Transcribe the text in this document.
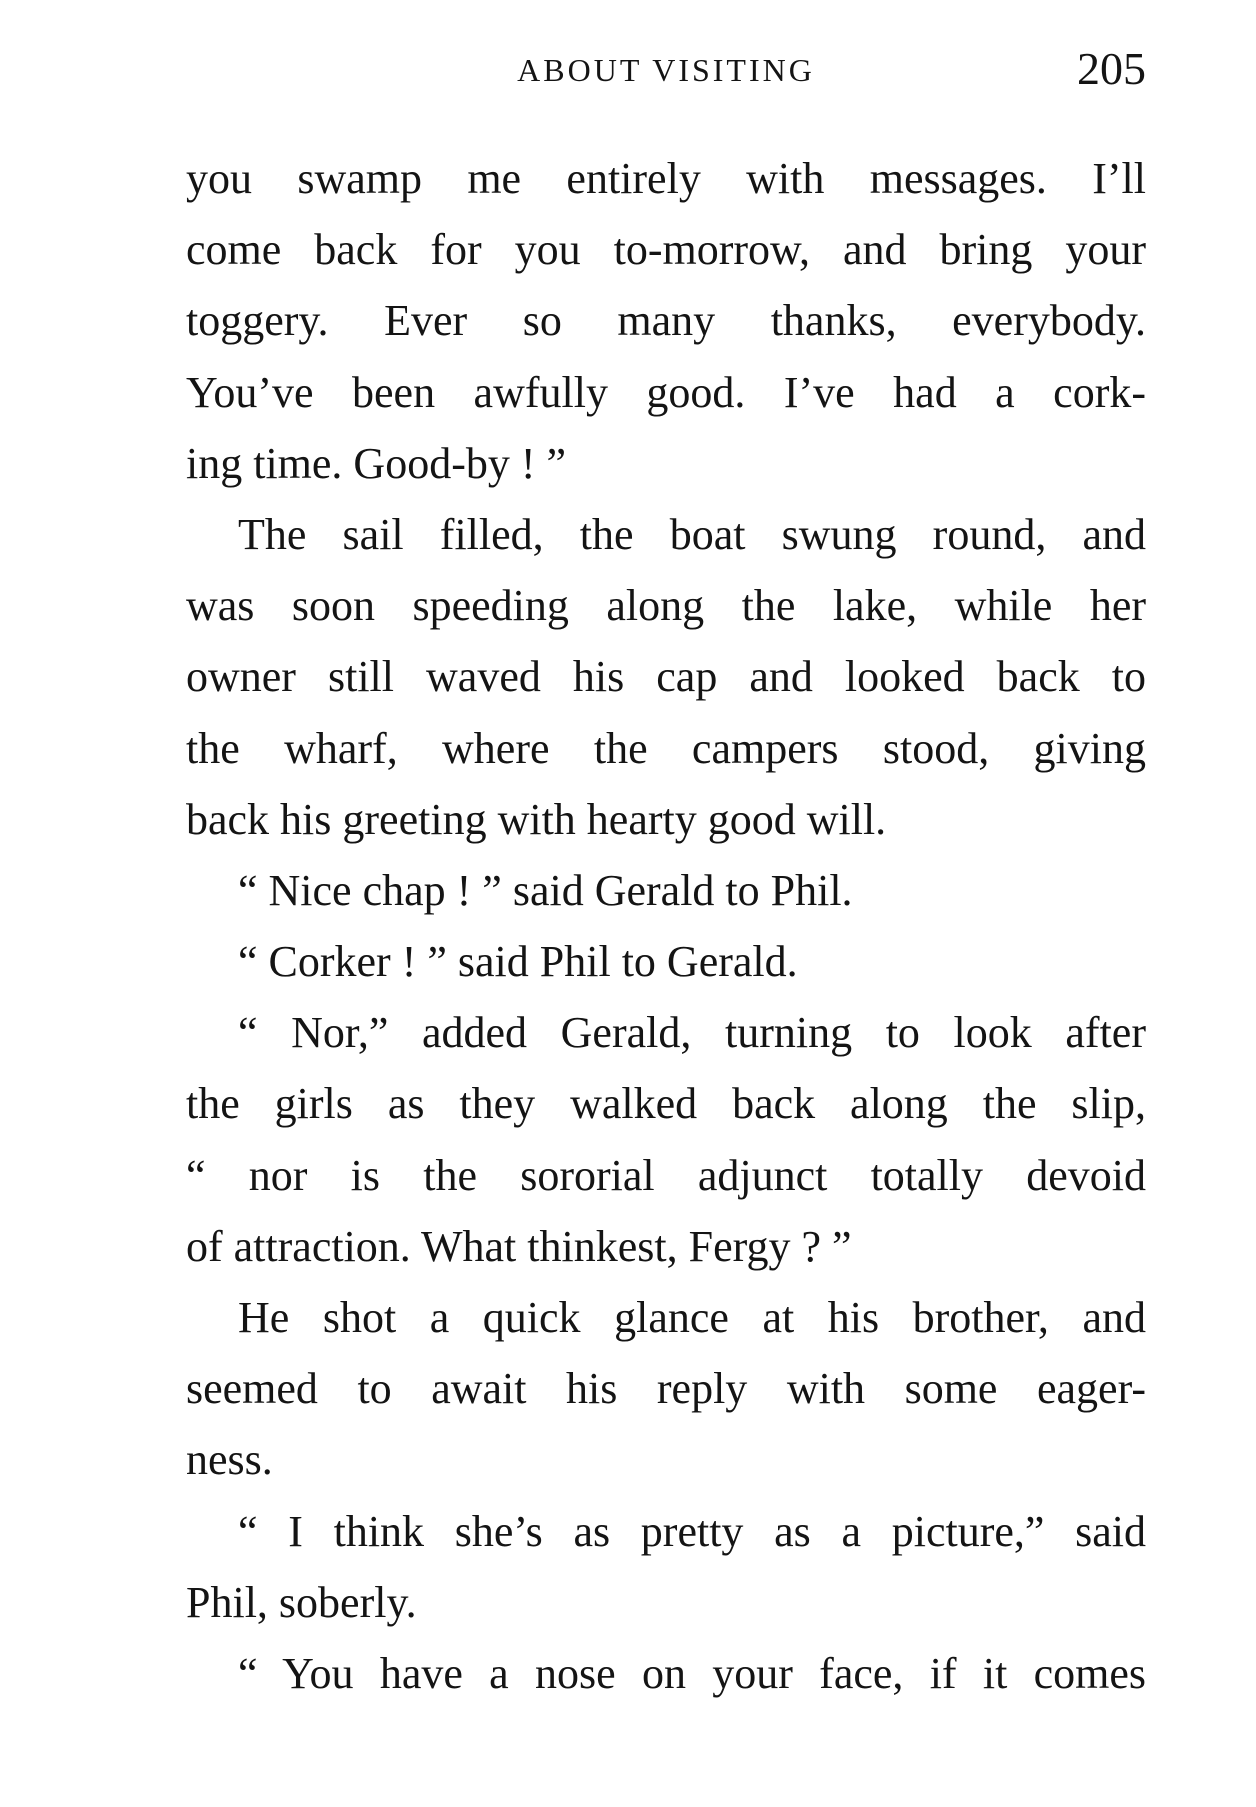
ABOUT VISITING	205
you swamp me entirely with messages. I’ll
come back for you to-morrow, and bring your
toggery. Ever so many thanks, everybody.
You’ve been awfully good. I’ve had a cork-
ing time. Good-by ! ”
The sail filled, the boat swung round, and
was soon speeding along the lake, while her
owner still waved his cap and looked back to
the wharf, where the campers stood, giving
back his greeting with hearty good will.
“ Nice chap ! ” said Gerald to Phil.
“ Corker ! ” said Phil to Gerald.
“ Nor,” added Gerald, turning to look after
the girls as they walked back along the slip,
“ nor is the sororial adjunct totally devoid
of attraction. What thinkest, Fergy ? ”
He shot a quick glance at his brother, and
seemed to await his reply with some eager-
ness.
“ I think she’s as pretty as a picture,” said
Phil, soberly.
“ You have a nose on your face, if it comes
